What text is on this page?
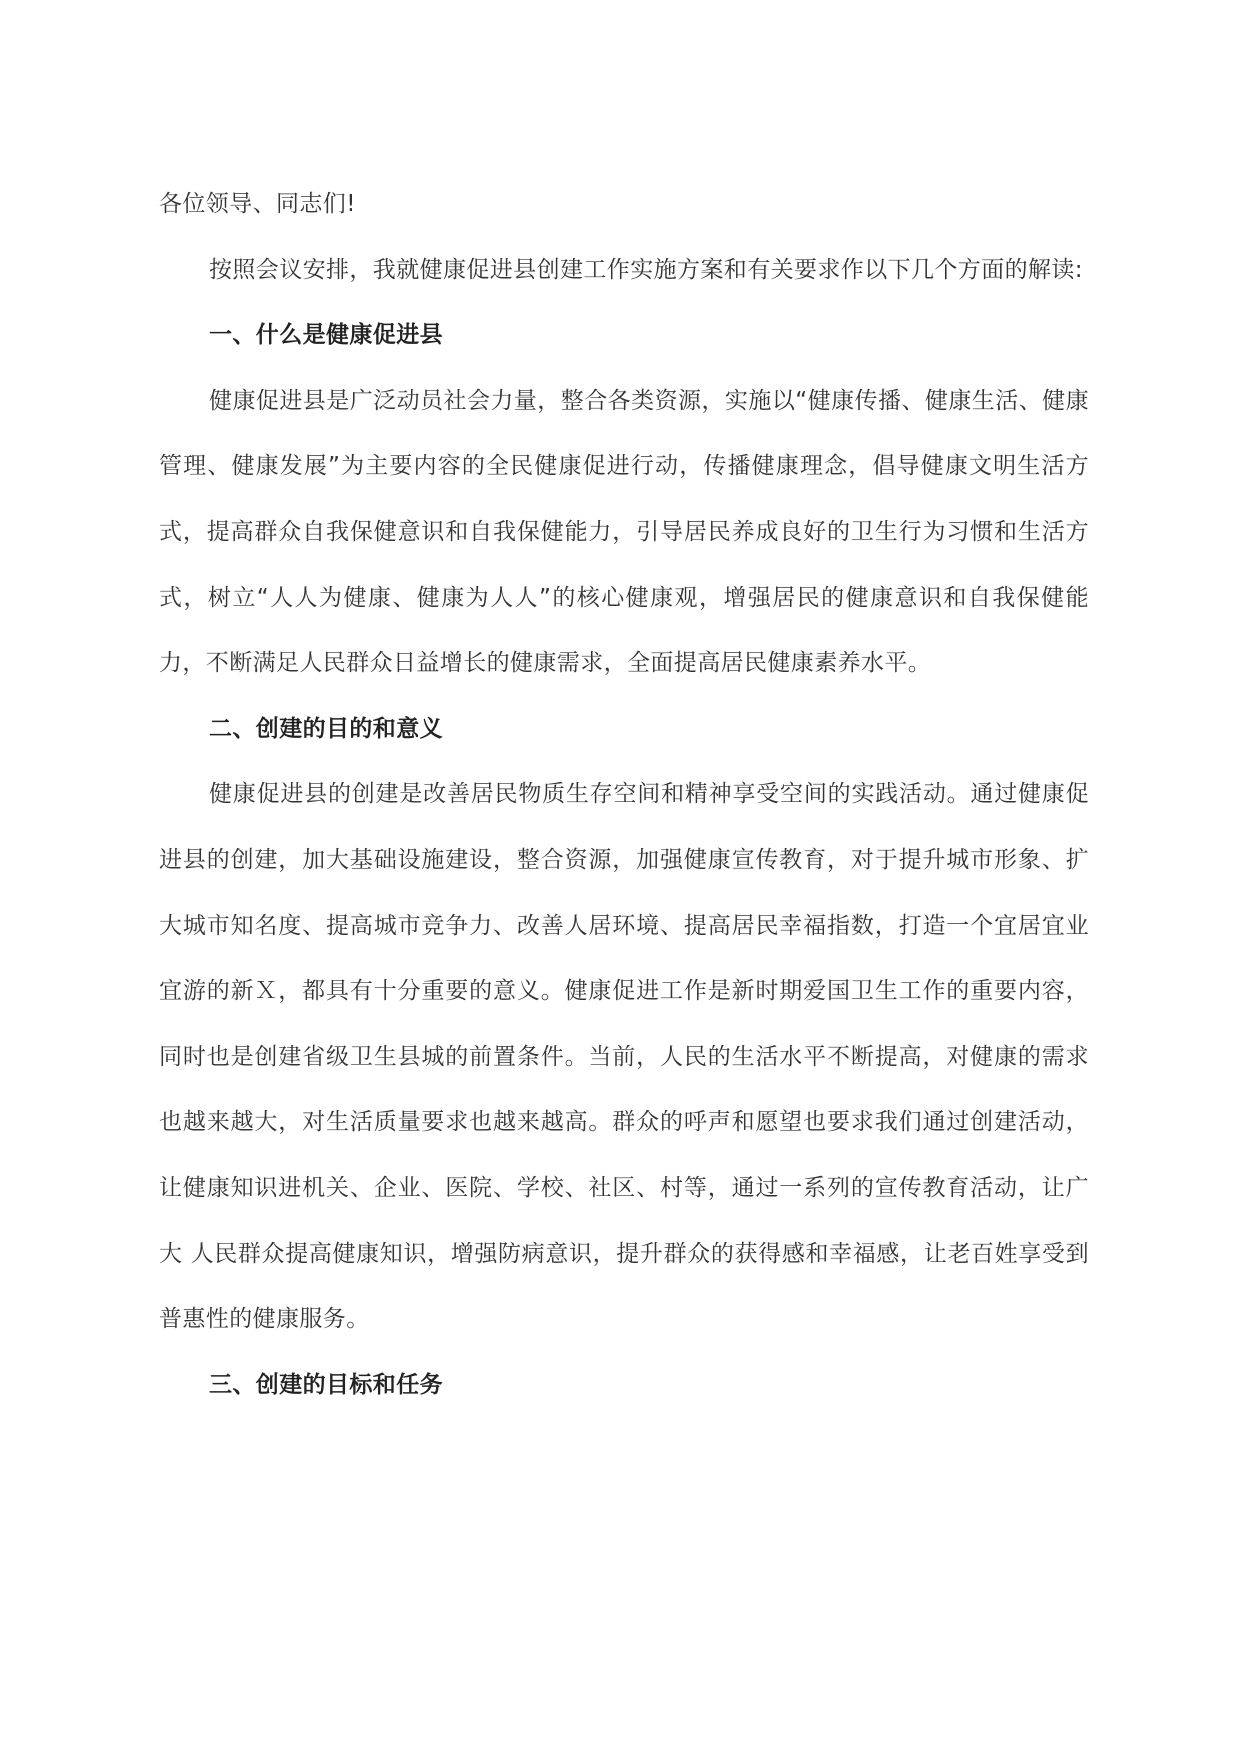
各位领导、同志们!

按照会议安排，我就健康促进县创建工作实施方案和有关要求作以下几个方面的解读:

一、什么是健康促进县

健康促进县是广泛动员社会力量，整合各类资源，实施以“健康传播、健康生活、健康管理、健康发展”为主要内容的全民健康促进行动，传播健康理念，倡导健康文明生活方式，提高群众自我保健意识和自我保健能力，引导居民养成良好的卫生行为习惯和生活方式，树立“人人为健康、健康为人人”的核心健康观，增强居民的健康意识和自我保健能力，不断满足人民群众日益增长的健康需求，全面提高居民健康素养水平。

二、创建的目的和意义

健康促进县的创建是改善居民物质生存空间和精神享受空间的实践活动。通过健康促进县的创建，加大基础设施建设，整合资源，加强健康宣传教育，对于提升城市形象、扩大城市知名度、提高城市竞争力、改善人居环境、提高居民幸福指数，打造一个宜居宜业宜游的新Ｘ，都具有十分重要的意义。健康促进工作是新时期爱国卫生工作的重要内容，同时也是创建省级卫生县城的前置条件。当前，人民的生活水平不断提高，对健康的需求也越来越大，对生活质量要求也越来越高。群众的呼声和愿望也要求我们通过创建活动，让健康知识进机关、企业、医院、学校、社区、村等，通过一系列的宣传教育活动，让广大 人民群众提高健康知识，增强防病意识，提升群众的获得感和幸福感，让老百姓享受到普惠性的健康服务。

三、创建的目标和任务
